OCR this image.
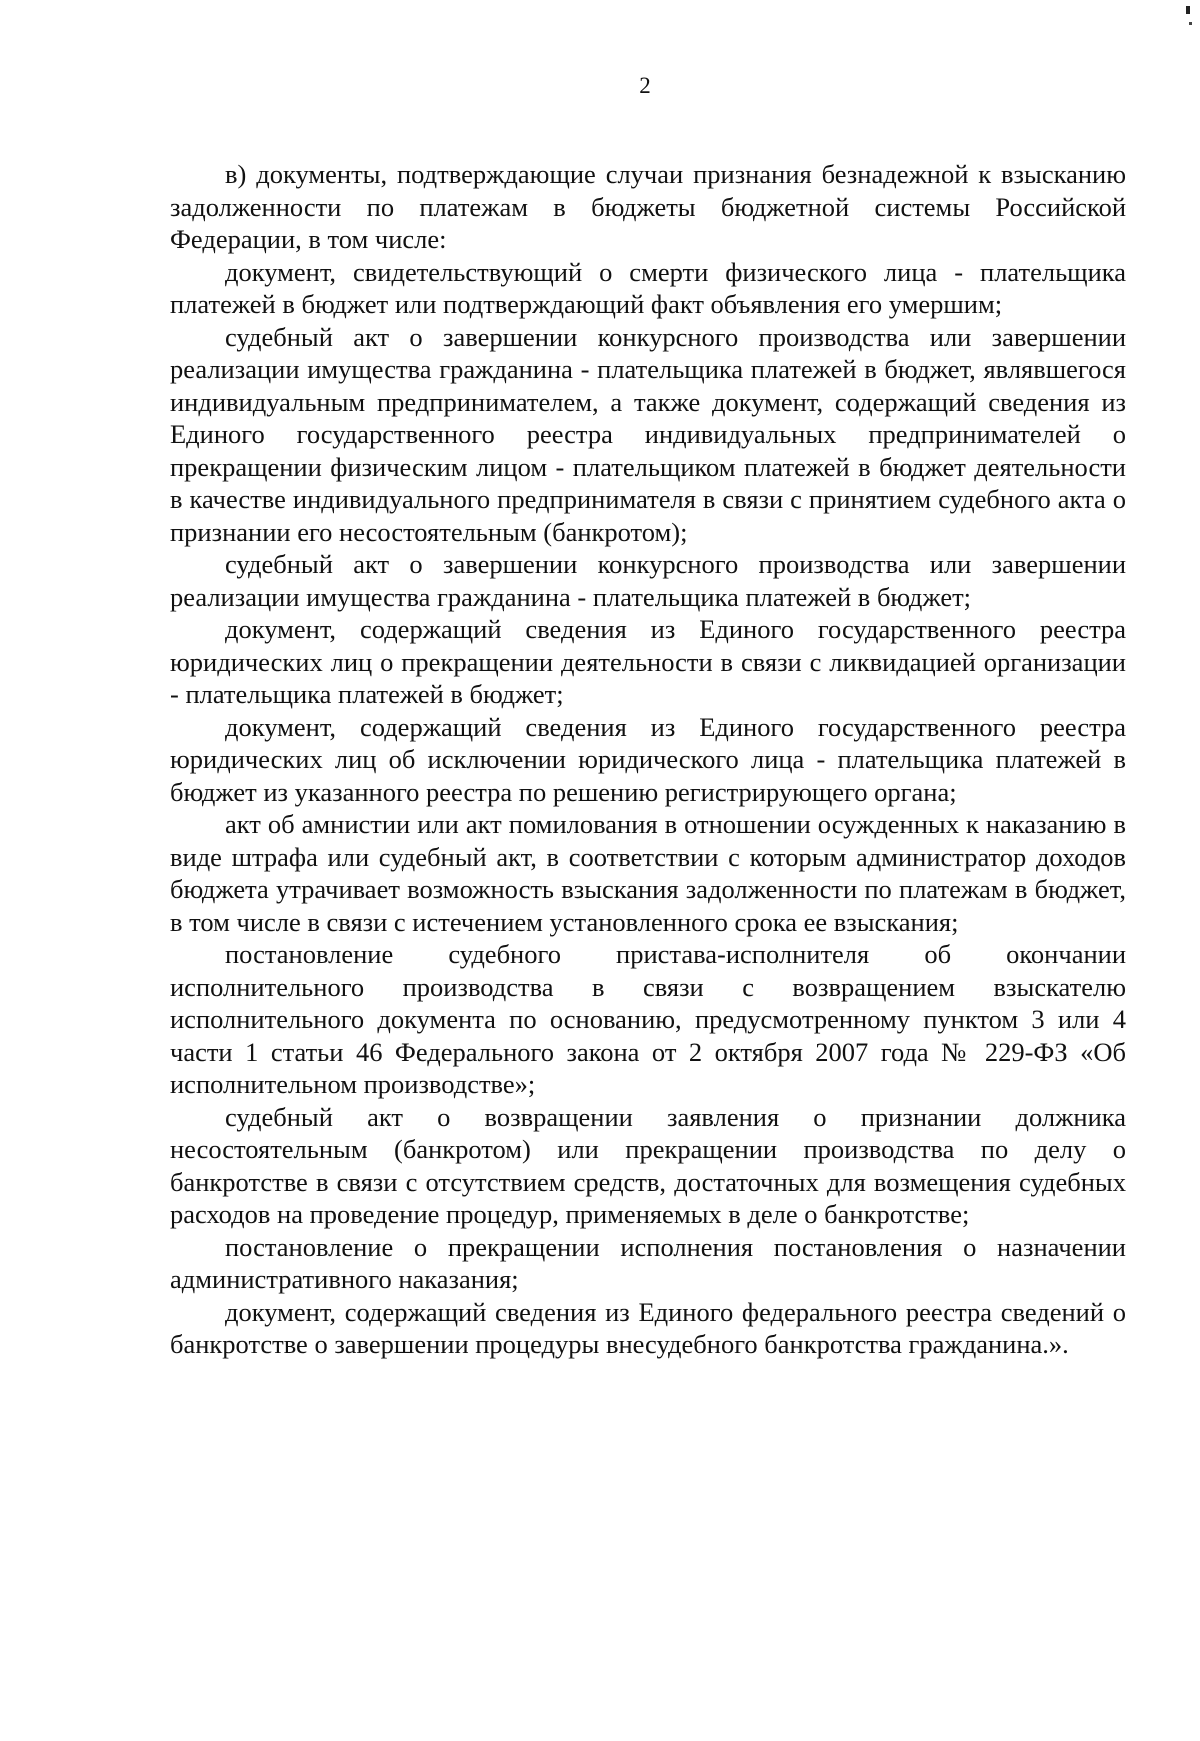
2

в) документы, подтверждающие случаи признания безнадежной к взысканию задолженности по платежам в бюджеты бюджетной системы Российской Федерации, в том числе:

документ, свидетельствующий о смерти физического лица - плательщика платежей в бюджет или подтверждающий факт объявления его умершим;

судебный акт о завершении конкурсного производства или завершении реализации имущества гражданина - плательщика платежей в бюджет, являвшегося индивидуальным предпринимателем, а также документ, содержащий сведения из Единого государственного реестра индивидуальных предпринимателей о прекращении физическим лицом - плательщиком платежей в бюджет деятельности в качестве индивидуального предпринимателя в связи с принятием судебного акта о признании его несостоятельным (банкротом);

судебный акт о завершении конкурсного производства или завершении реализации имущества гражданина - плательщика платежей в бюджет;

документ, содержащий сведения из Единого государственного реестра юридических лиц о прекращении деятельности в связи с ликвидацией организации - плательщика платежей в бюджет;

документ, содержащий сведения из Единого государственного реестра юридических лиц об исключении юридического лица - плательщика платежей в бюджет из указанного реестра по решению регистрирующего органа;

акт об амнистии или акт помилования в отношении осужденных к наказанию в виде штрафа или судебный акт, в соответствии с которым администратор доходов бюджета утрачивает возможность взыскания задолженности по платежам в бюджет, в том числе в связи с истечением установленного срока ее взыскания;

постановление судебного пристава-исполнителя об окончании исполнительного производства в связи с возвращением взыскателю исполнительного документа по основанию, предусмотренному пунктом 3 или 4 части 1 статьи 46 Федерального закона от 2 октября 2007 года № 229-ФЗ «Об исполнительном производстве»;

судебный акт о возвращении заявления о признании должника несостоятельным (банкротом) или прекращении производства по делу о банкротстве в связи с отсутствием средств, достаточных для возмещения судебных расходов на проведение процедур, применяемых в деле о банкротстве;

постановление о прекращении исполнения постановления о назначении административного наказания;

документ, содержащий сведения из Единого федерального реестра сведений о банкротстве о завершении процедуры внесудебного банкротства гражданина.».
